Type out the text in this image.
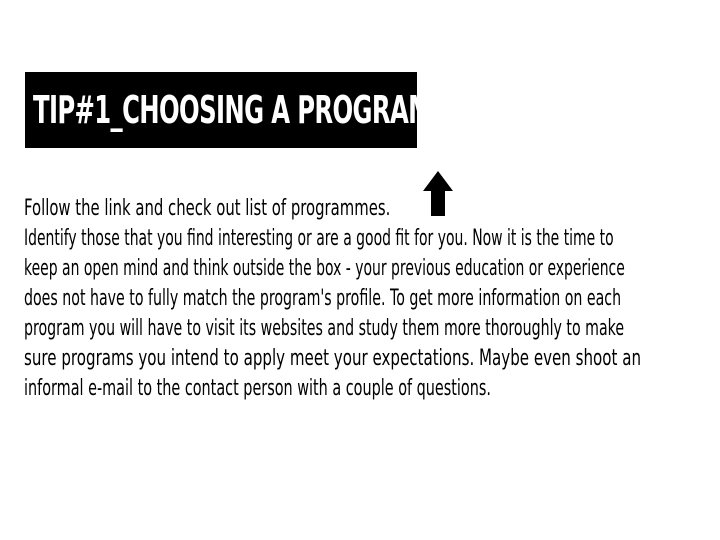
TIP#1_CHOOSING A PROGRAMME
Follow the link and check out list of programmes.
Identify those that you find interesting or are a good fit for you. Now it is the time to
keep an open mind and think outside the box - your previous education or experience
does not have to fully match the program's profile. To get more information on each
program you will have to visit its websites and study them more thoroughly to make
sure programs you intend to apply meet your expectations. Maybe even shoot an
informal e-mail to the contact person with a couple of questions.
